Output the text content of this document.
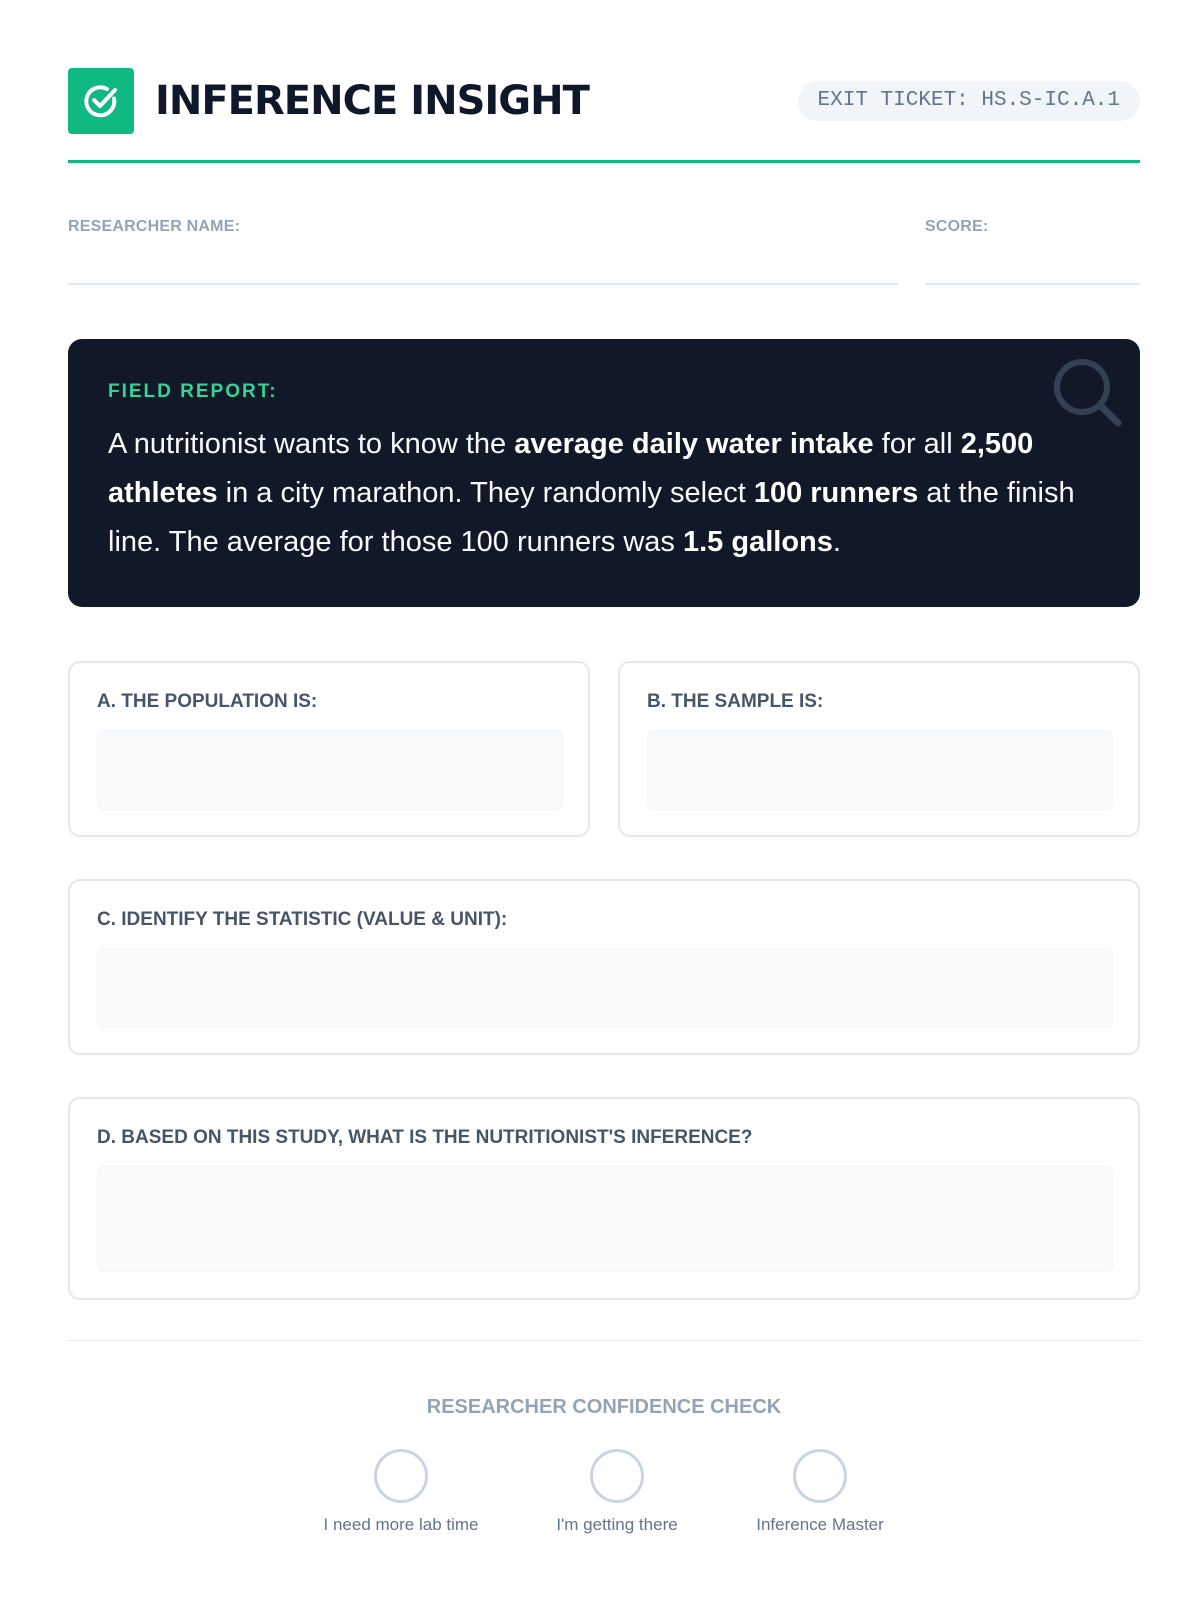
INFERENCE INSIGHT	EXIT TICKET: HS.S-IC.A.1
RESEARCHER NAME:	SCORE:
FIELD REPORT:
A nutritionist wants to know the average daily water intake for all 2,500 athletes in a city marathon. They randomly select 100 runners at the finish line. The average for those 100 runners was 1.5 gallons.
A. THE POPULATION IS:	B. THE SAMPLE IS:
C. IDENTIFY THE STATISTIC (VALUE & UNIT):
D. BASED ON THIS STUDY, WHAT IS THE NUTRITIONIST'S INFERENCE?
RESEARCHER CONFIDENCE CHECK
I need more lab time	I'm getting there	Inference Master
